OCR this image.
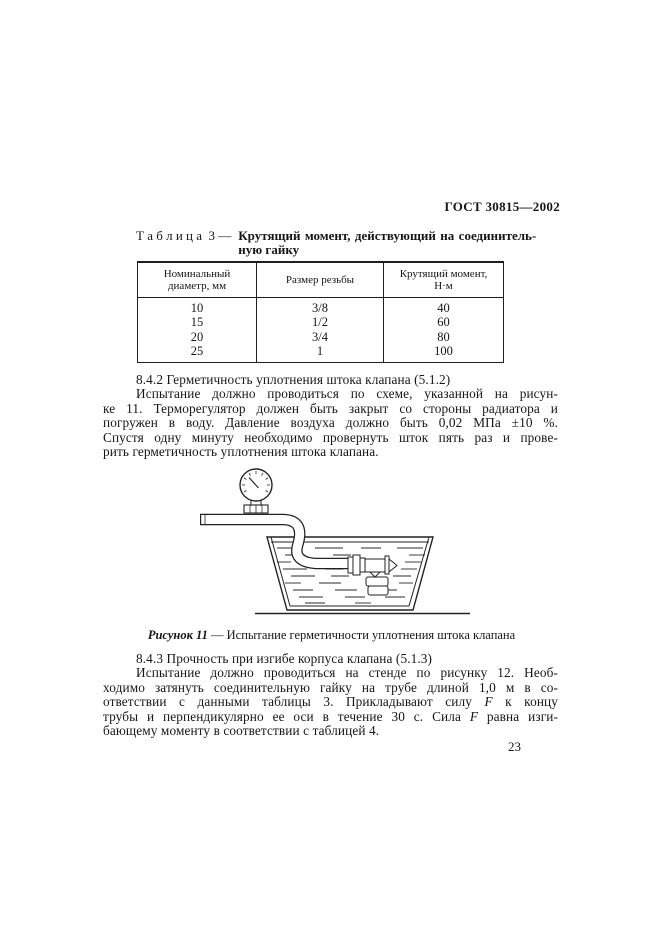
ГОСТ 30815—2002
Т а б л и ц а  3 — Крутящий момент, действующий на соединитель-
ную гайку
Номинальный
диаметр, мм	Размер резьбы	Крутящий момент,
Н·м

10	3/8	40
15	1/2	60
20	3/4	80
25	1	100
8.4.2 Герметичность уплотнения штока клапана (5.1.2)
Испытание должно проводиться по схеме, указанной на рисун-
ке 11. Терморегулятор должен быть закрыт со стороны радиатора и
погружен в воду. Давление воздуха должно быть 0,02 МПа ±10 %.
Спустя одну минуту необходимо провернуть шток пять раз и прове-
рить герметичность уплотнения штока клапана.
Рисунок 11 — Испытание герметичности уплотнения штока клапана
8.4.3 Прочность при изгибе корпуса клапана (5.1.3)
Испытание должно проводиться на стенде по рисунку 12. Необ-
ходимо затянуть соединительную гайку на трубе длиной 1,0 м в со-
ответствии с данными таблицы 3. Прикладывают силу F к концу
трубы и перпендикулярно ее оси в течение 30 с. Сила F равна изги-
бающему моменту в соответствии с таблицей 4.
23
